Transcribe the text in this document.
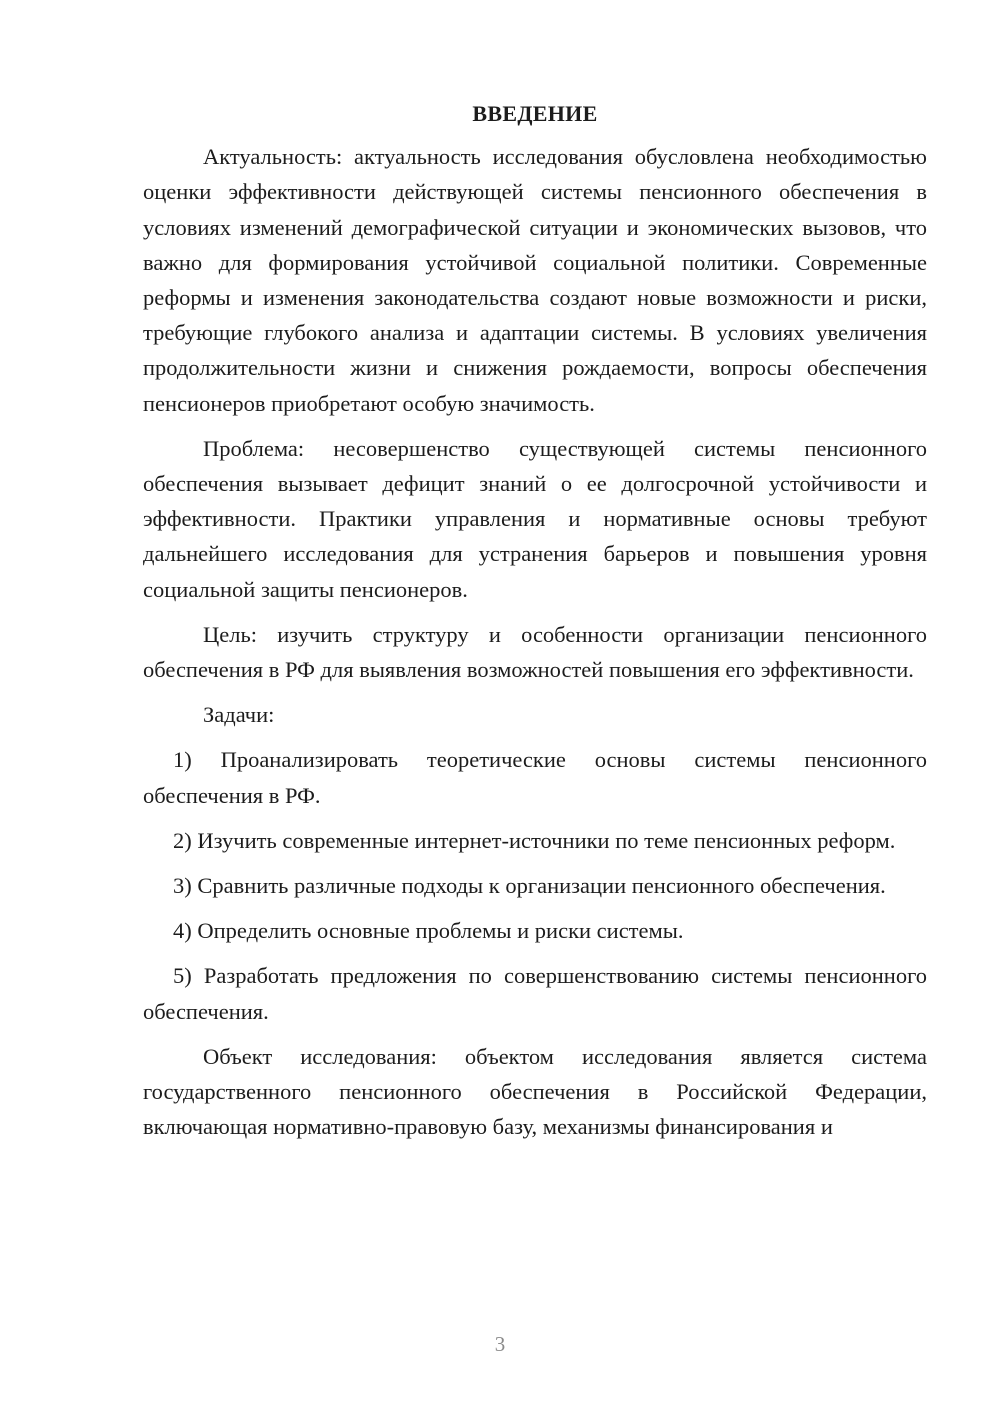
ВВЕДЕНИЕ

Актуальность: актуальность исследования обусловлена необходимостью оценки эффективности действующей системы пенсионного обеспечения в условиях изменений демографической ситуации и экономических вызовов, что важно для формирования устойчивой социальной политики. Современные реформы и изменения законодательства создают новые возможности и риски, требующие глубокого анализа и адаптации системы. В условиях увеличения продолжительности жизни и снижения рождаемости, вопросы обеспечения пенсионеров приобретают особую значимость.

Проблема: несовершенство существующей системы пенсионного обеспечения вызывает дефицит знаний о ее долгосрочной устойчивости и эффективности. Практики управления и нормативные основы требуют дальнейшего исследования для устранения барьеров и повышения уровня социальной защиты пенсионеров.

Цель: изучить структуру и особенности организации пенсионного обеспечения в РФ для выявления возможностей повышения его эффективности.

Задачи:

1) Проанализировать теоретические основы системы пенсионного обеспечения в РФ.

2) Изучить современные интернет-источники по теме пенсионных реформ.

3) Сравнить различные подходы к организации пенсионного обеспечения.

4) Определить основные проблемы и риски системы.

5) Разработать предложения по совершенствованию системы пенсионного обеспечения.

Объект исследования: объектом исследования является система государственного пенсионного обеспечения в Российской Федерации, включающая нормативно-правовую базу, механизмы финансирования и

3
